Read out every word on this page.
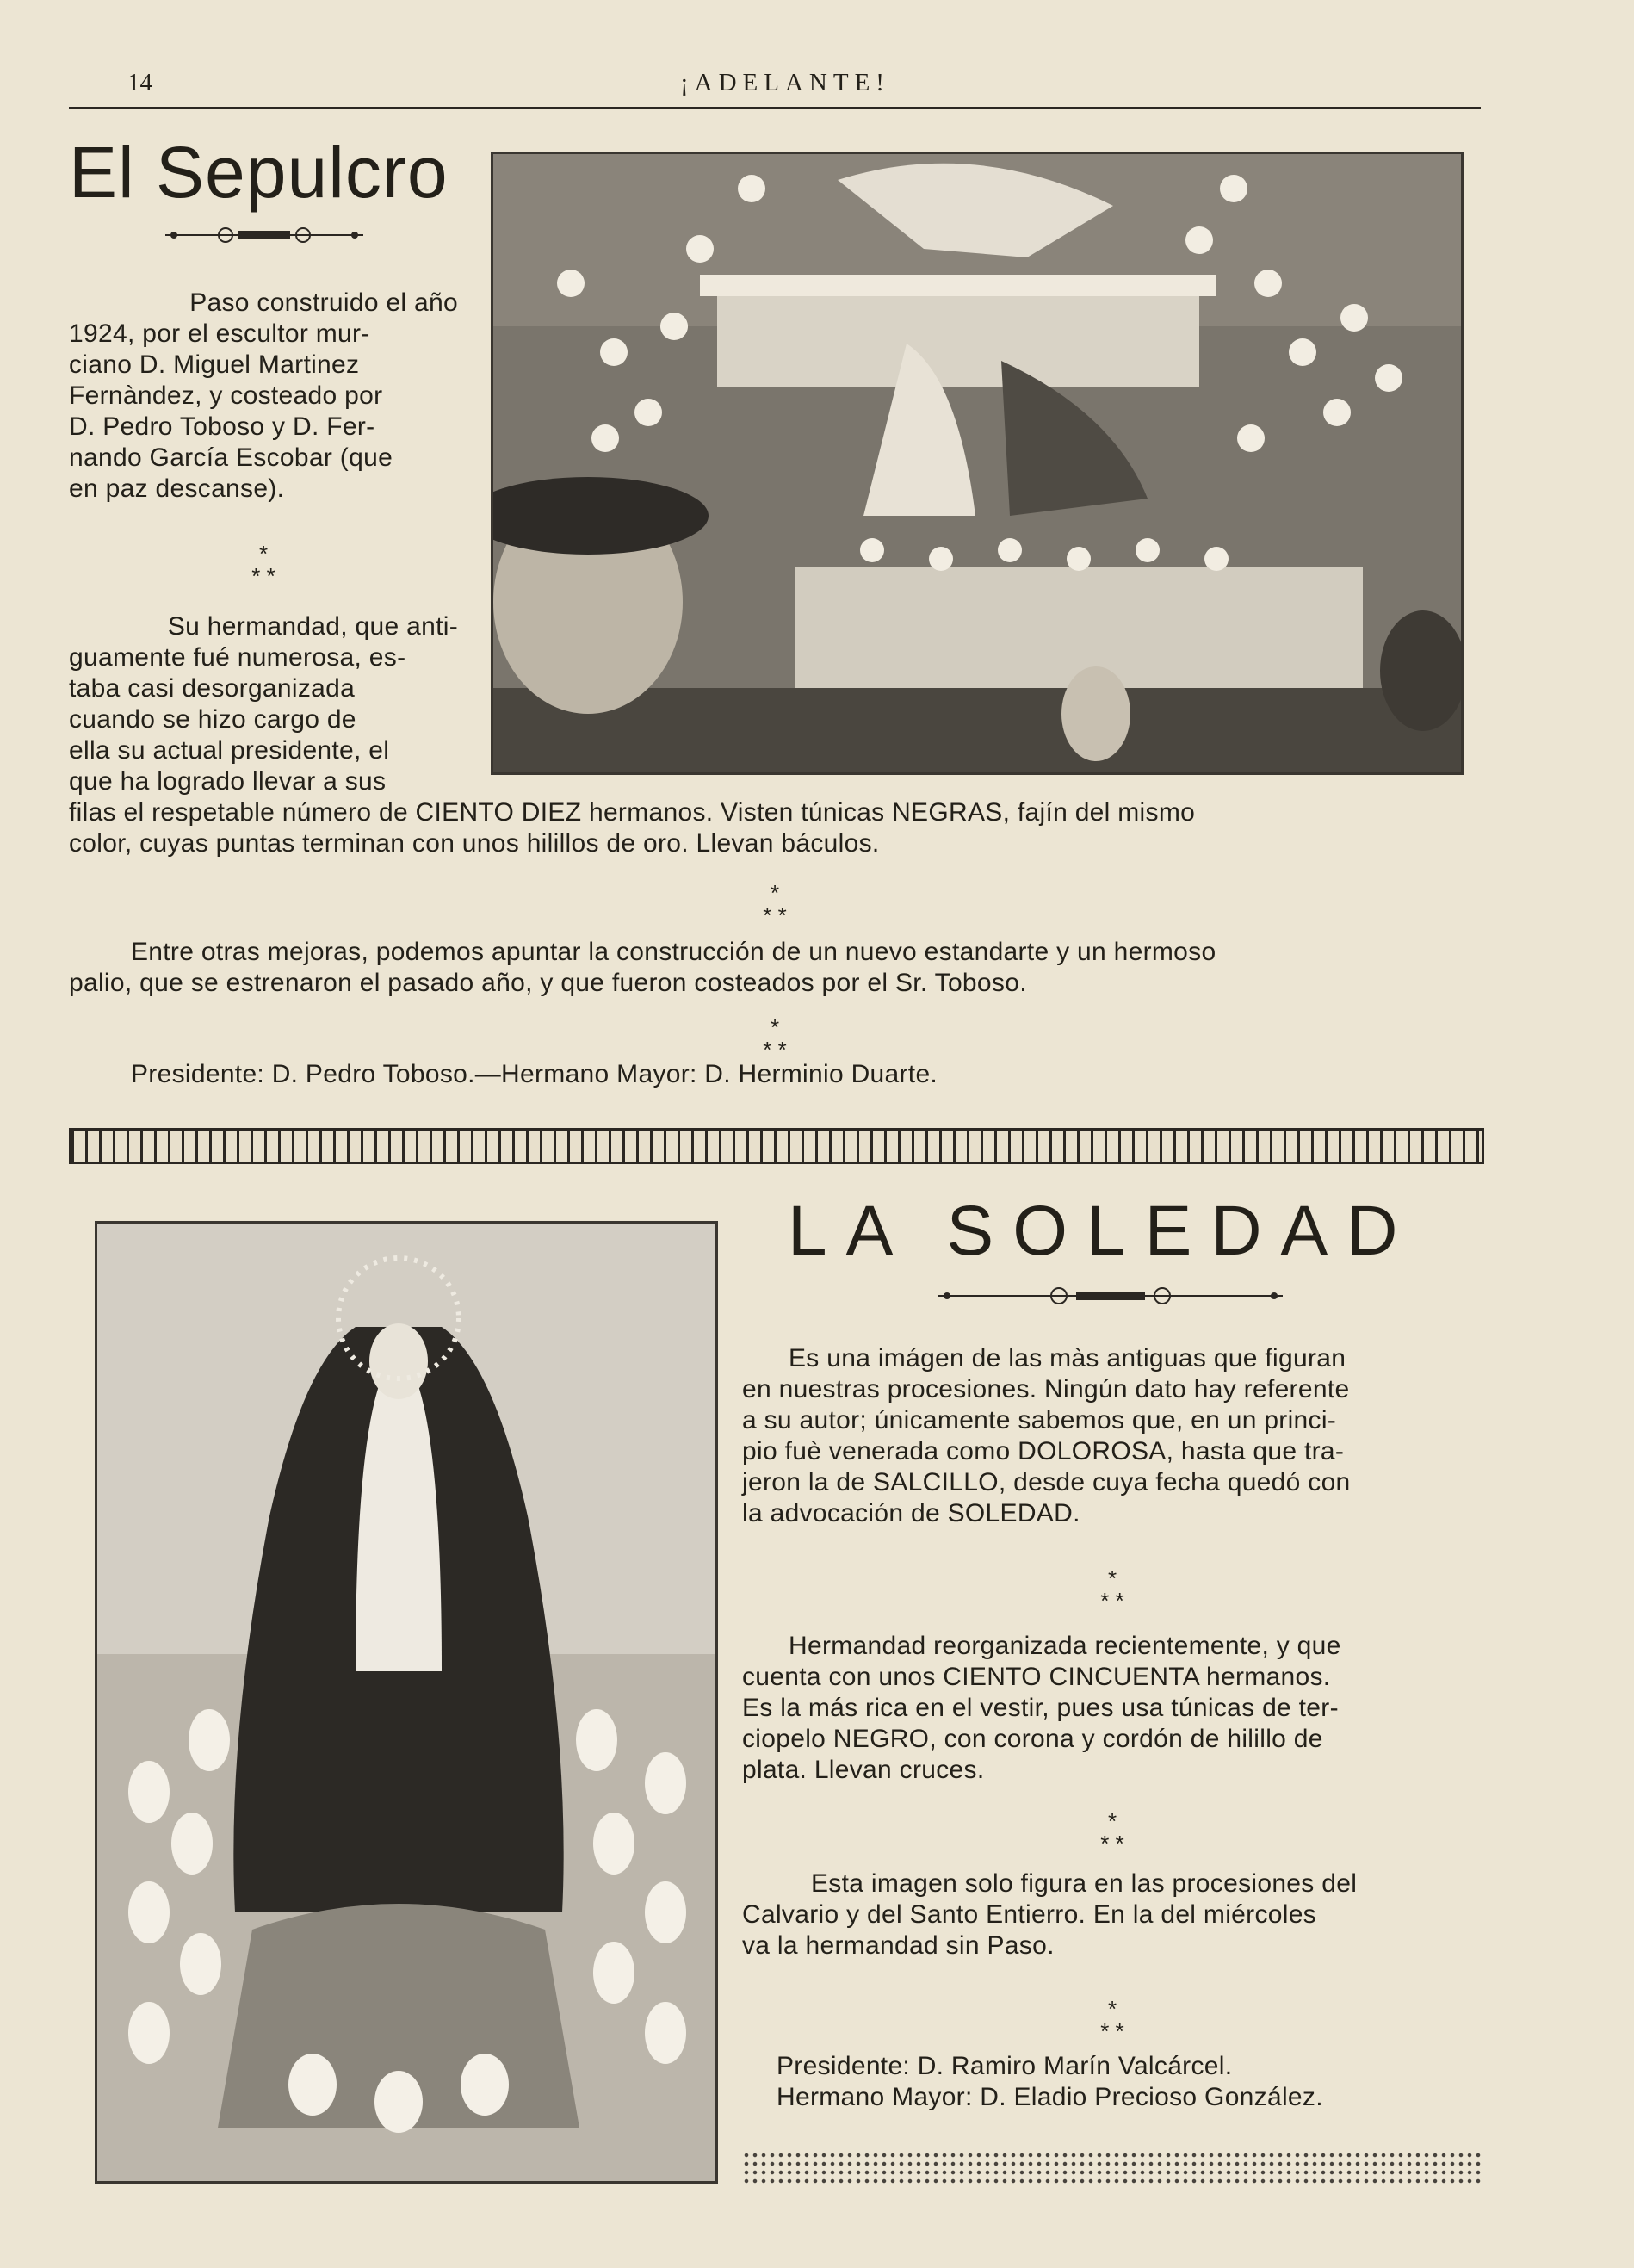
14	¡ADELANTE!
El Sepulcro
Paso construido el año
1924, por el escultor mur-
ciano D. Miguel Martinez
Fernàndez, y costeado por
D. Pedro Toboso y D. Fer-
nando García Escobar (que
en paz descanse).
*
* *
Su hermandad, que anti-
guamente fué numerosa, es-
taba casi desorganizada
cuando se hizo cargo de
ella su actual presidente, el
que ha logrado llevar a sus
filas el respetable número de CIENTO DIEZ hermanos. Visten túnicas NEGRAS, fajín del mismo
color, cuyas puntas terminan con unos hilillos de oro. Llevan báculos.
*
* *
Entre otras mejoras, podemos apuntar la construcción de un nuevo estandarte y un hermoso
palio, que se estrenaron el pasado año, y que fueron costeados por el Sr. Toboso.
*
* *
Presidente: D. Pedro Toboso.—Hermano Mayor: D. Herminio Duarte.
LA SOLEDAD
Es una imágen de las màs antiguas que figuran
en nuestras procesiones. Ningún dato hay referente
a su autor; únicamente sabemos que, en un princi-
pio fuè venerada como DOLOROSA, hasta que tra-
jeron la de SALCILLO, desde cuya fecha quedó con
la advocación de SOLEDAD.
*
* *
Hermandad reorganizada recientemente, y que
cuenta con unos CIENTO CINCUENTA hermanos.
Es la más rica en el vestir, pues usa túnicas de ter-
ciopelo NEGRO, con corona y cordón de hilillo de
plata. Llevan cruces.
*
* *
Esta imagen solo figura en las procesiones del
Calvario y del Santo Entierro. En la del miércoles
va la hermandad sin Paso.
*
* *
Presidente: D. Ramiro Marín Valcárcel.
Hermano Mayor: D. Eladio Precioso González.
